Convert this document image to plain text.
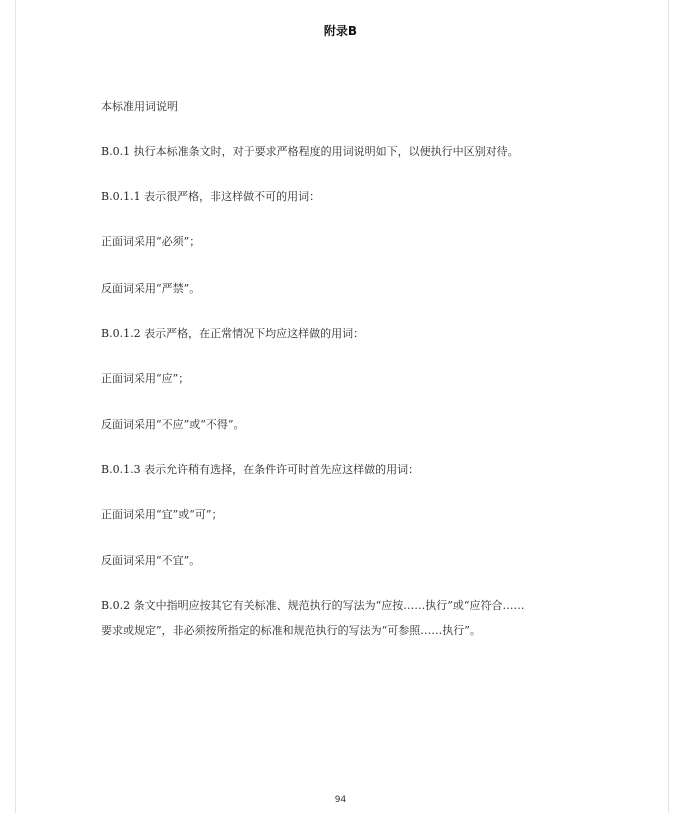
附录B
本标准用词说明
B.0.1 执行本标准条文时，对于要求严格程度的用词说明如下，以便执行中区别对待。
B.0.1.1 表示很严格，非这样做不可的用词：
正面词采用“必须”；
反面词采用“严禁”。
B.0.1.2 表示严格，在正常情况下均应这样做的用词：
正面词采用“应”；
反面词采用“不应”或“不得”。
B.0.1.3 表示允许稍有选择，在条件许可时首先应这样做的用词：
正面词采用“宜”或“可”；
反面词采用“不宜”。
B.0.2 条文中指明应按其它有关标准、规范执行的写法为“应按……执行”或“应符合……
要求或规定”，非必须按所指定的标准和规范执行的写法为“可参照……执行”。
94
